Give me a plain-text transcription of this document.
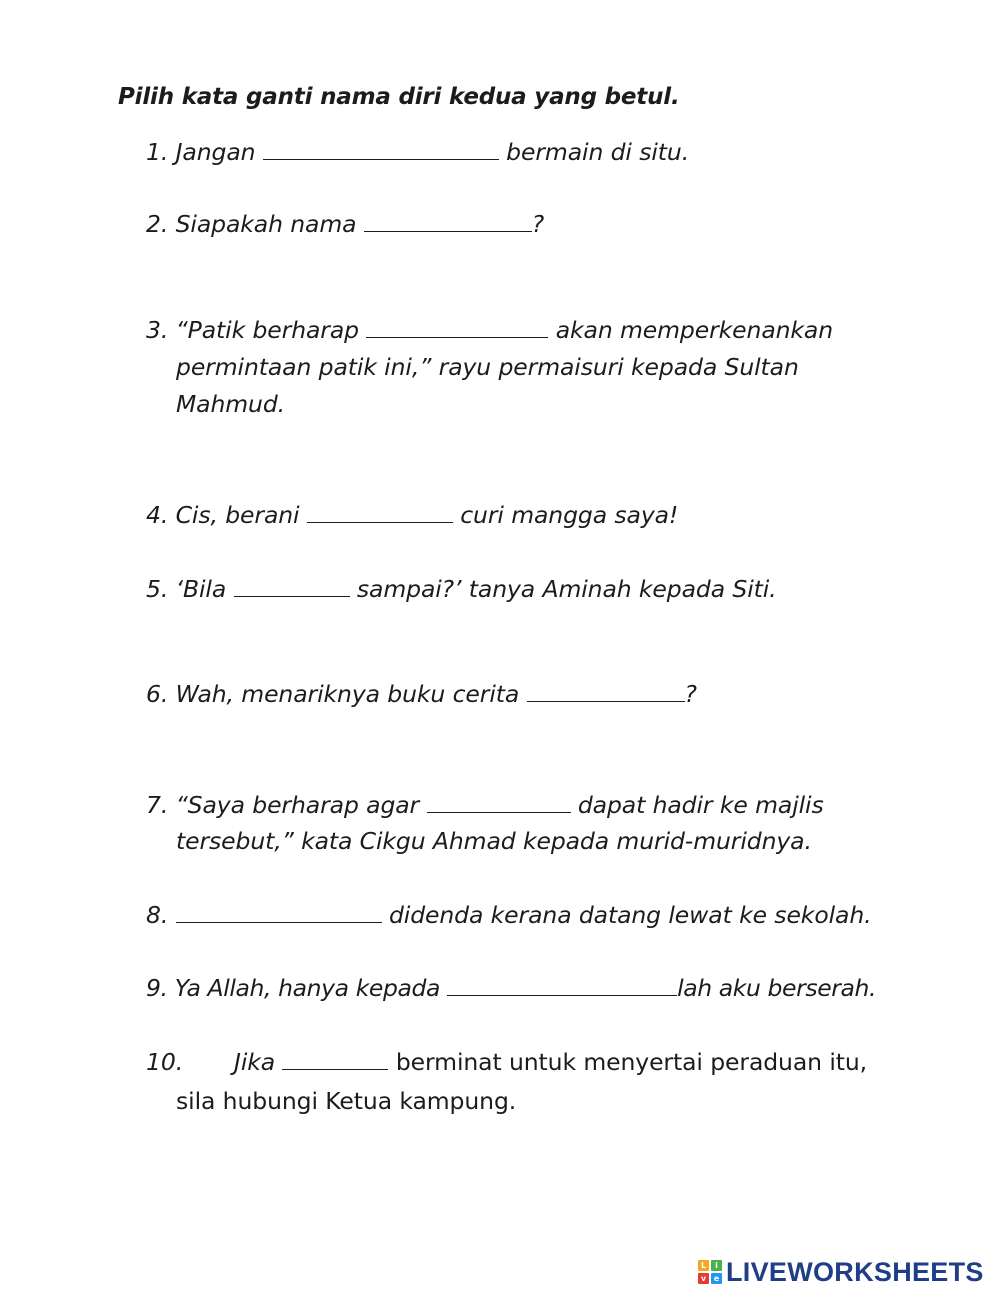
Pilih kata ganti nama diri kedua yang betul.
1. Jangan	bermain di situ.
2. Siapakah nama	?
3. “Patik berharap	akan memperkenankan
permintaan patik ini,” rayu permaisuri kepada Sultan
Mahmud.
4. Cis, berani	curi mangga saya!
5. ‘Bila	sampai?’ tanya Aminah kepada Siti.
6. Wah, menariknya buku cerita	?
7. “Saya berharap agar	dapat hadir ke majlis
tersebut,” kata Cikgu Ahmad kepada murid-muridnya.
8.	didenda kerana datang lewat ke sekolah.
9. Ya Allah, hanya kepada	lah aku berserah.
10. Jika	berminat untuk menyertai peraduan itu,
sila hubungi Ketua kampung.
L	i
v e LIVEWORKSHEETS
